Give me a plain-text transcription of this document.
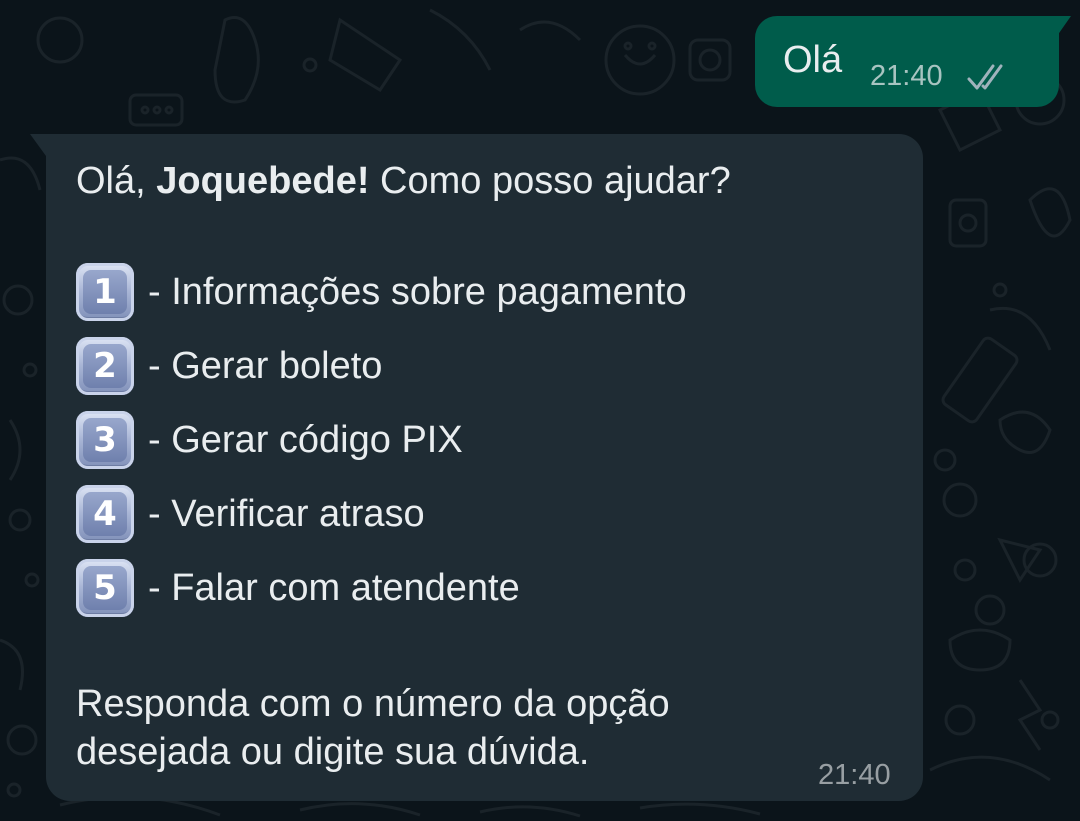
Olá 21:40
Olá, Joquebede! Como posso ajudar?
1 - Informações sobre pagamento
2 - Gerar boleto
3 - Gerar código PIX
4 - Verificar atraso
5 - Falar com atendente
Responda com o número da opção
desejada ou digite sua dúvida.
21:40
